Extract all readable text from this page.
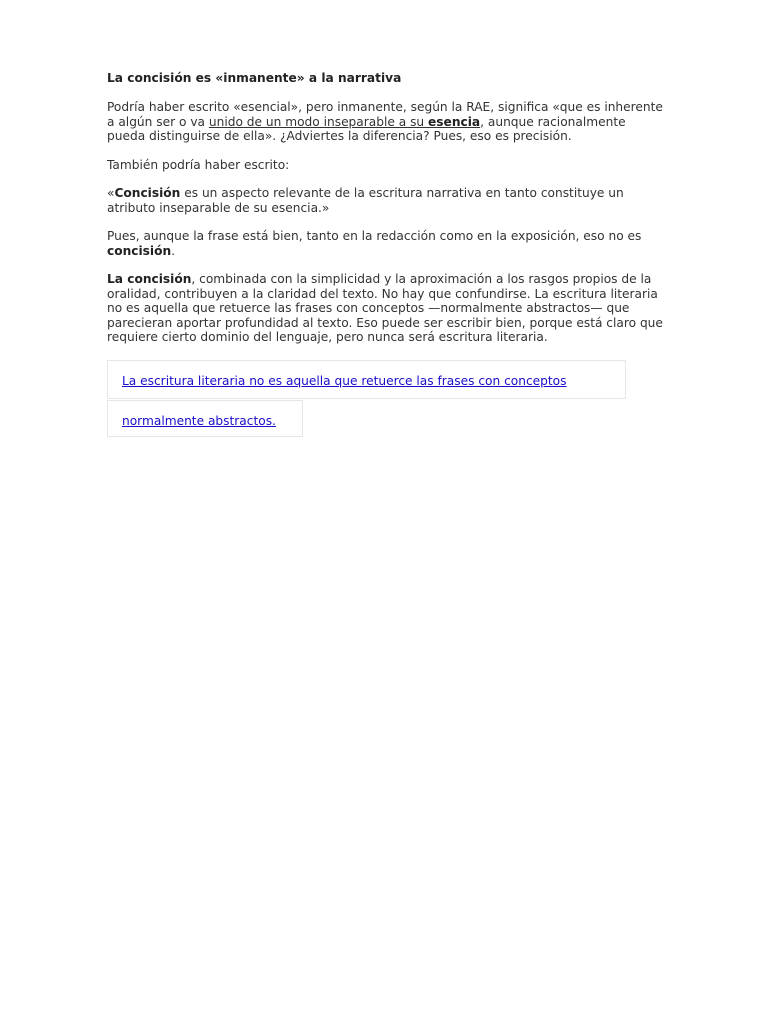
La concisión es «inmanente» a la narrativa

Podría haber escrito «esencial», pero inmanente, según la RAE, significa «que es inherente a algún ser o va unido de un modo inseparable a su esencia, aunque racionalmente pueda distinguirse de ella». ¿Adviertes la diferencia? Pues, eso es precisión.

También podría haber escrito:

«Concisión es un aspecto relevante de la escritura narrativa en tanto constituye un atributo inseparable de su esencia.»

Pues, aunque la frase está bien, tanto en la redacción como en la exposición, eso no es concisión.

La concisión, combinada con la simplicidad y la aproximación a los rasgos propios de la oralidad, contribuyen a la claridad del texto. No hay que confundirse. La escritura literaria no es aquella que retuerce las frases con conceptos —normalmente abstractos— que parecieran aportar profundidad al texto. Eso puede ser escribir bien, porque está claro que requiere cierto dominio del lenguaje, pero nunca será escritura literaria.

La escritura literaria no es aquella que retuerce las frases con conceptos
normalmente abstractos.
